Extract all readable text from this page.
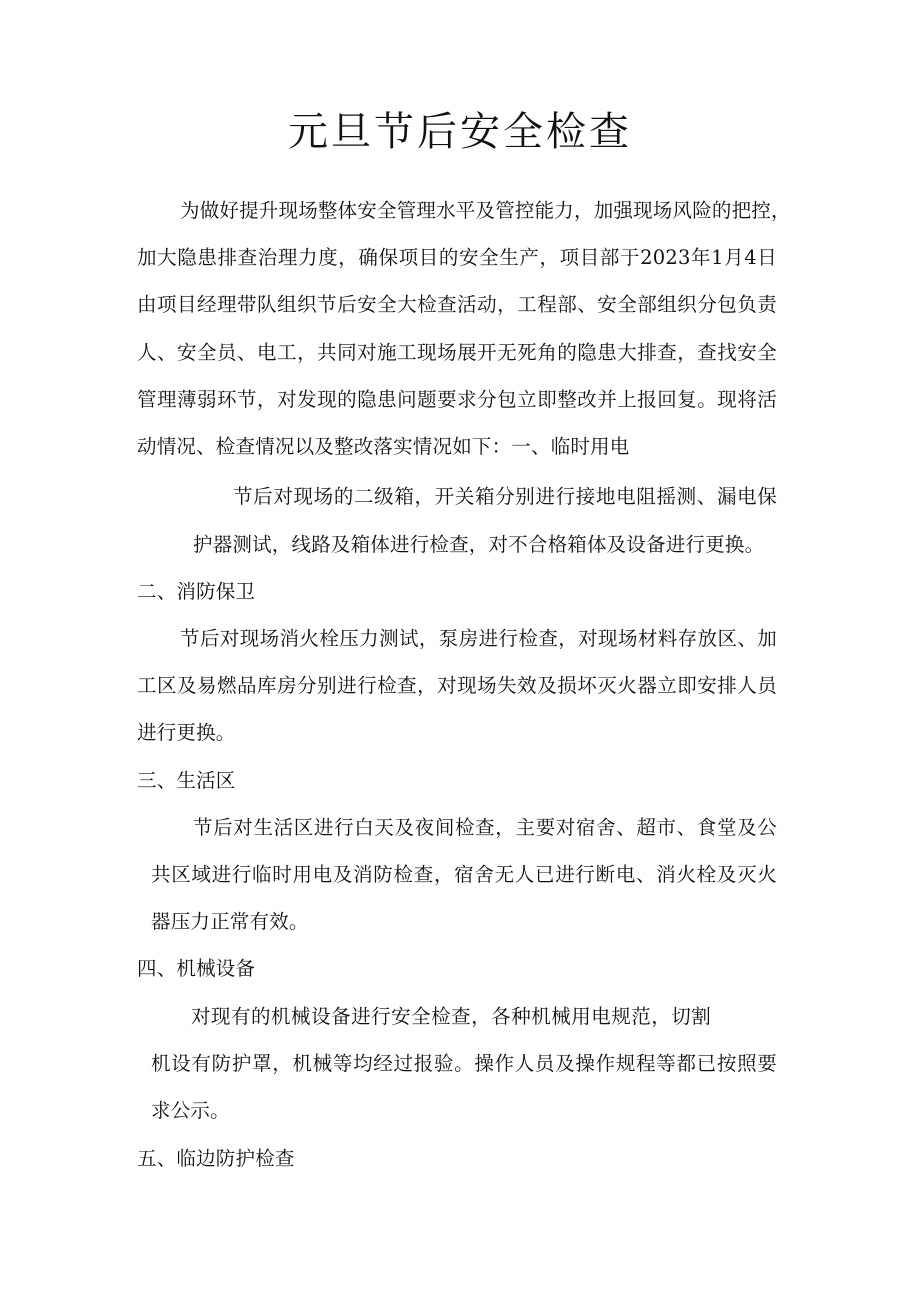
元旦节后安全检查
为做好提升现场整体安全管理水平及管控能力，加强现场风险的把控，
加大隐患排查治理力度，确保项目的安全生产，项目部于2023年1月4日
由项目经理带队组织节后安全大检查活动，工程部、安全部组织分包负责
人、安全员、电工，共同对施工现场展开无死角的隐患大排查，查找安全
管理薄弱环节，对发现的隐患问题要求分包立即整改并上报回复。现将活
动情况、检查情况以及整改落实情况如下：一、临时用电
节后对现场的二级箱，开关箱分别进行接地电阻摇测、漏电保
护器测试，线路及箱体进行检查，对不合格箱体及设备进行更换。
二、消防保卫
节后对现场消火栓压力测试，泵房进行检查，对现场材料存放区、加
工区及易燃品库房分别进行检查，对现场失效及损坏灭火器立即安排人员
进行更换。
三、生活区
节后对生活区进行白天及夜间检查，主要对宿舍、超市、食堂及公
共区域进行临时用电及消防检查，宿舍无人已进行断电、消火栓及灭火
器压力正常有效。
四、机械设备
对现有的机械设备进行安全检查，各种机械用电规范，切割
机设有防护罩，机械等均经过报验。操作人员及操作规程等都已按照要
求公示。
五、临边防护检查
